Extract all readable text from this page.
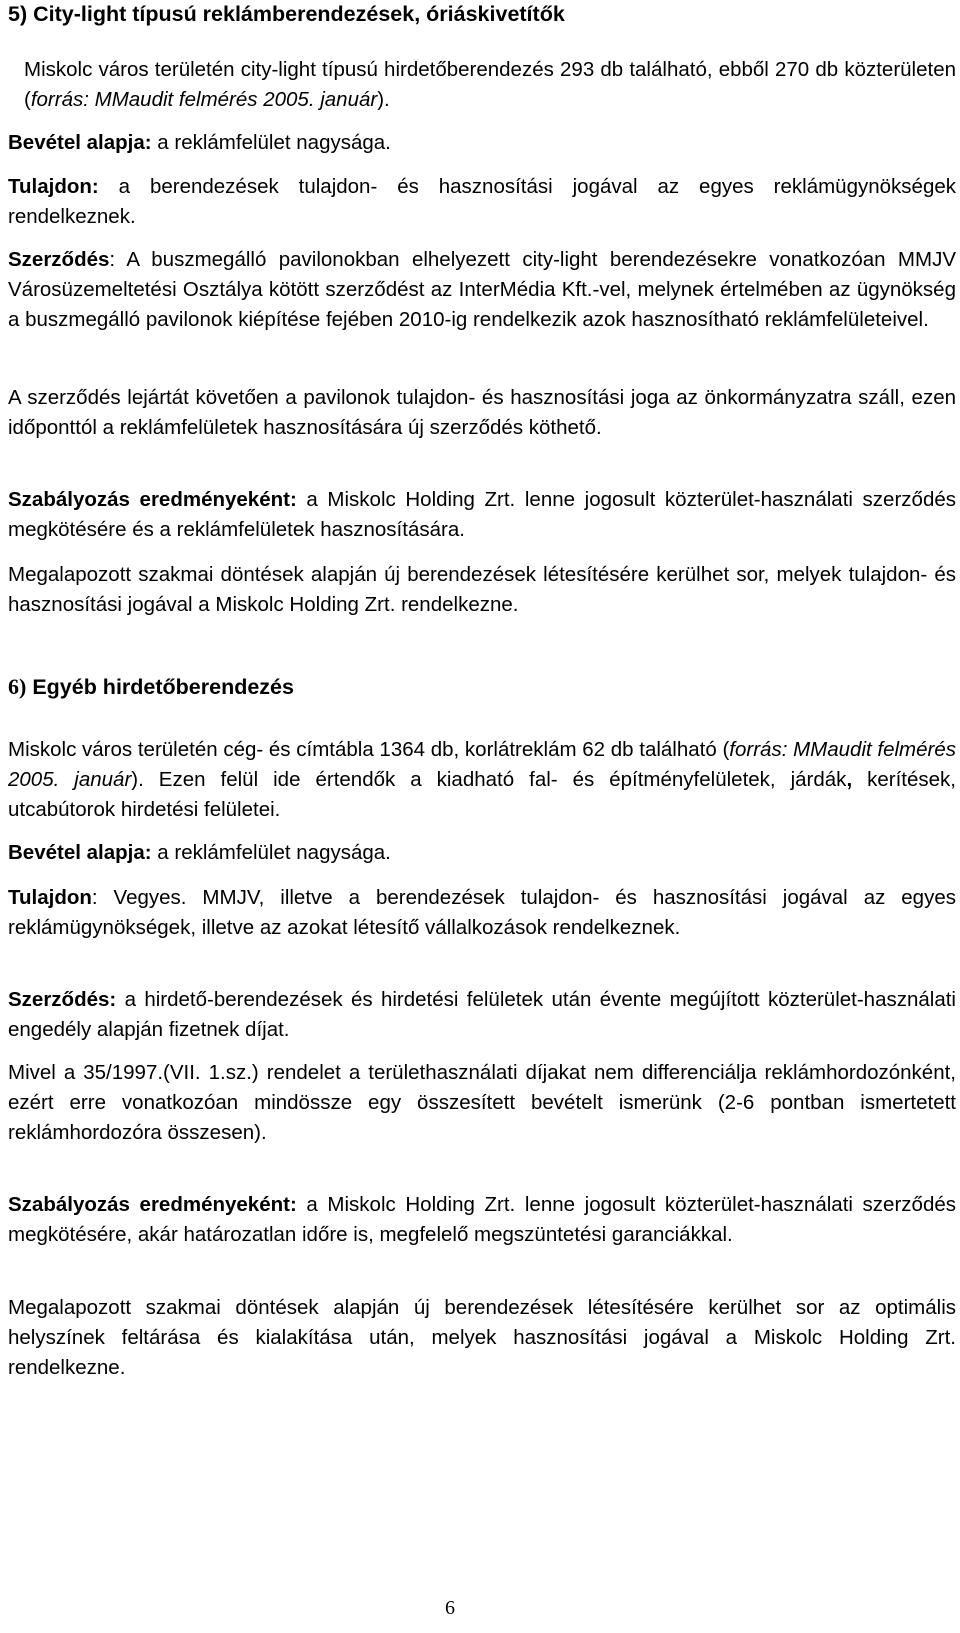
5) City-light típusú reklámberendezések, óriáskivetítők

Miskolc város területén city-light típusú hirdetőberendezés 293 db található, ebből 270 db közterületen (forrás: MMaudit felmérés 2005. január).

Bevétel alapja: a reklámfelület nagysága.

Tulajdon: a berendezések tulajdon- és hasznosítási jogával az egyes reklámügynökségek rendelkeznek.

Szerződés: A buszmegálló pavilonokban elhelyezett city-light berendezésekre vonatkozóan MMJV Városüzemeltetési Osztálya kötött szerződést az InterMédia Kft.-vel, melynek értelmében az ügynökség a buszmegálló pavilonok kiépítése fejében 2010-ig rendelkezik azok hasznosítható reklámfelületeivel.

A szerződés lejártát követően a pavilonok tulajdon- és hasznosítási joga az önkormányzatra száll, ezen időponttól a reklámfelületek hasznosítására új szerződés köthető.

Szabályozás eredményeként: a Miskolc Holding Zrt. lenne jogosult közterület-használati szerződés megkötésére és a reklámfelületek hasznosítására.

Megalapozott szakmai döntések alapján új berendezések létesítésére kerülhet sor, melyek tulajdon- és hasznosítási jogával a Miskolc Holding Zrt. rendelkezne.

6) Egyéb hirdetőberendezés

Miskolc város területén cég- és címtábla 1364 db, korlátreklám 62 db található (forrás: MMaudit felmérés 2005. január). Ezen felül ide értendők a kiadható fal- és építményfelületek, járdák, kerítések, utcabútorok hirdetési felületei.

Bevétel alapja: a reklámfelület nagysága.

Tulajdon: Vegyes. MMJV, illetve a berendezések tulajdon- és hasznosítási jogával az egyes reklámügynökségek, illetve az azokat létesítő vállalkozások rendelkeznek.

Szerződés: a hirdető-berendezések és hirdetési felületek után évente megújított közterület-használati engedély alapján fizetnek díjat.

Mivel a 35/1997.(VII. 1.sz.) rendelet a területhasználati díjakat nem differenciálja reklámhordozónként, ezért erre vonatkozóan mindössze egy összesített bevételt ismerünk (2-6 pontban ismertetett reklámhordozóra összesen).

Szabályozás eredményeként: a Miskolc Holding Zrt. lenne jogosult közterület-használati szerződés megkötésére, akár határozatlan időre is, megfelelő megszüntetési garanciákkal.

Megalapozott szakmai döntések alapján új berendezések létesítésére kerülhet sor az optimális helyszínek feltárása és kialakítása után, melyek hasznosítási jogával a Miskolc Holding Zrt. rendelkezne.

6
